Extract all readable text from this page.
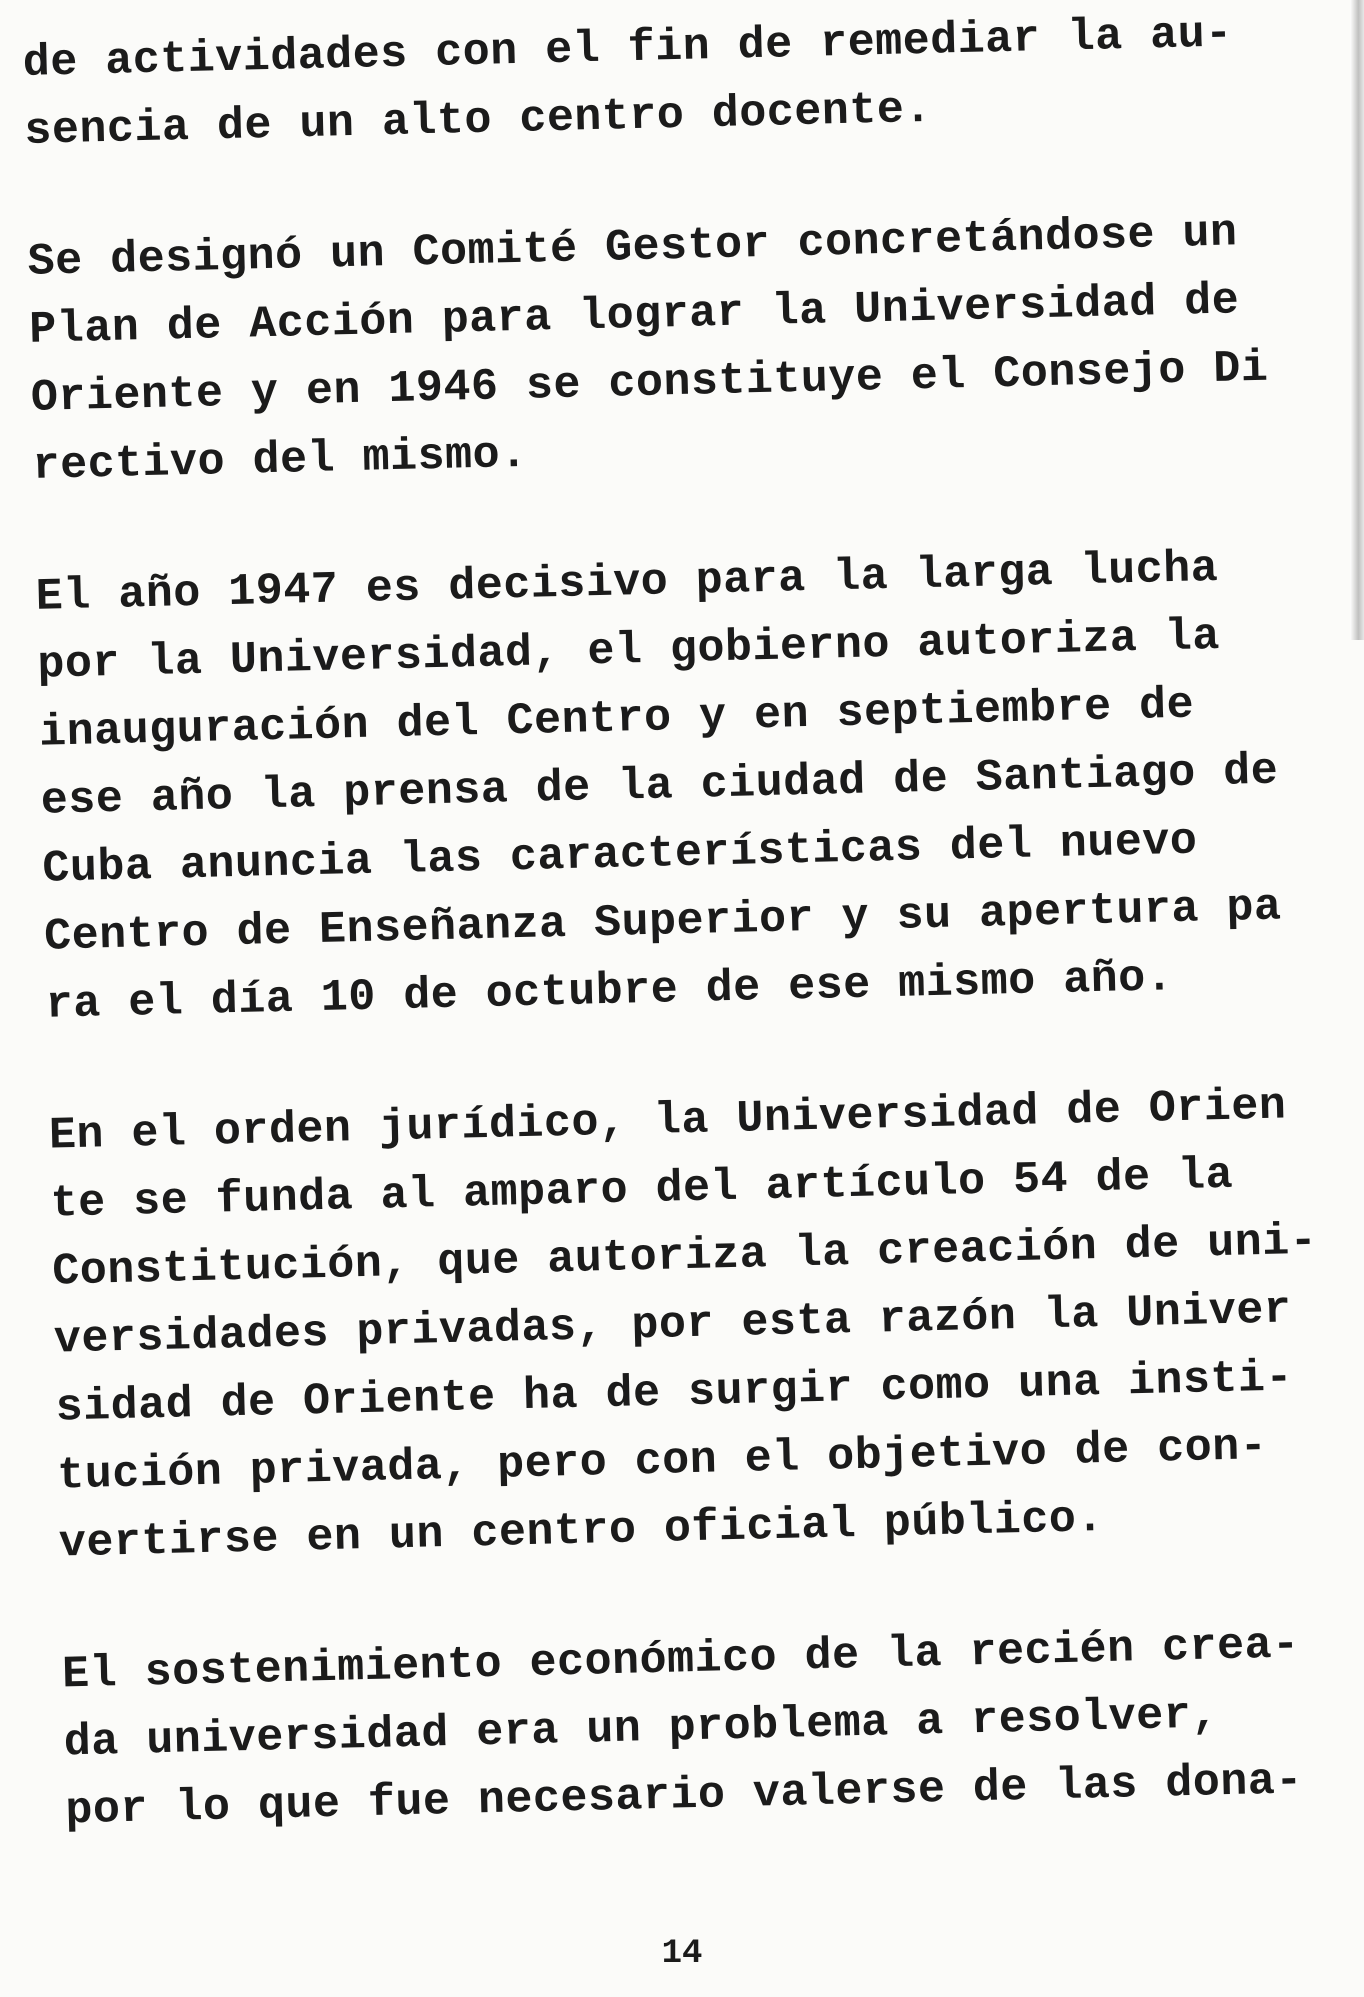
de actividades con el fin de remediar la au-
sencia de un alto centro docente.

Se designó un Comité Gestor concretándose un
Plan de Acción para lograr la Universidad de
Oriente y en 1946 se constituye el Consejo Di
rectivo del mismo.

El año 1947 es decisivo para la larga lucha
por la Universidad, el gobierno autoriza la
inauguración del Centro y en septiembre de
ese año la prensa de la ciudad de Santiago de
Cuba anuncia las características del nuevo
Centro de Enseñanza Superior y su apertura pa
ra el día 10 de octubre de ese mismo año.

En el orden jurídico, la Universidad de Orien
te se funda al amparo del artículo 54 de la
Constitución, que autoriza la creación de uni-
versidades privadas, por esta razón la Univer
sidad de Oriente ha de surgir como una insti-
tución privada, pero con el objetivo de con-
vertirse en un centro oficial público.

El sostenimiento económico de la recién crea-
da universidad era un problema a resolver,
por lo que fue necesario valerse de las dona-

14
